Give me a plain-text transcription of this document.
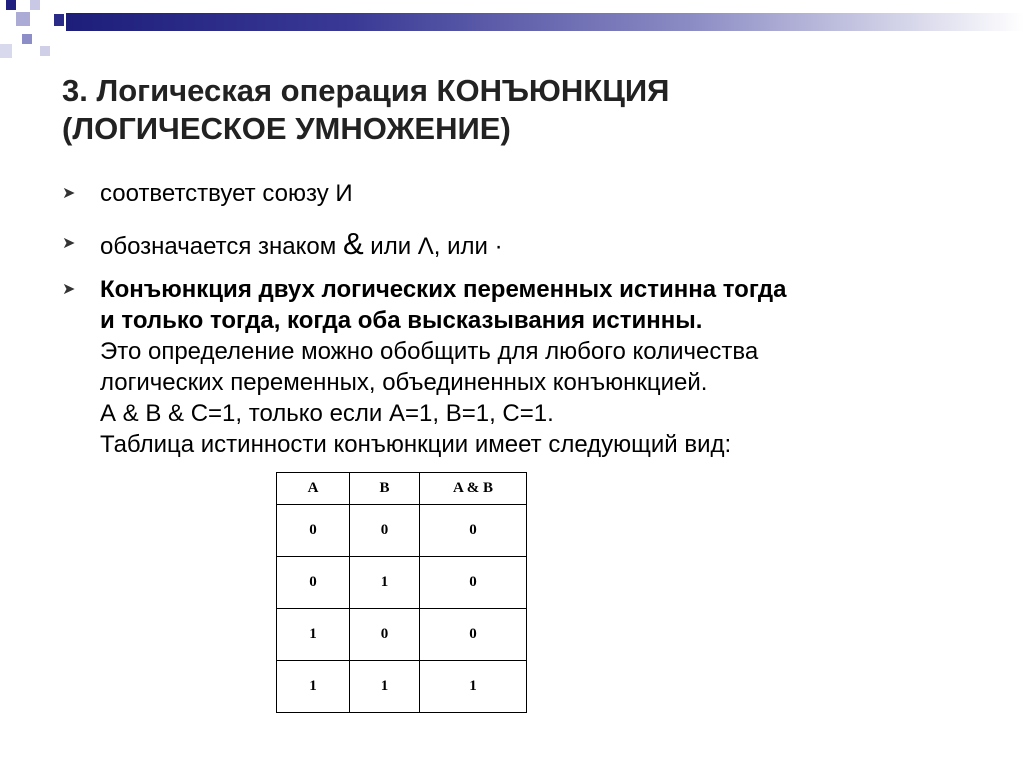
3. Логическая операция КОНЪЮНКЦИЯ
(ЛОГИЧЕСКОЕ УМНОЖЕНИЕ)
➤ соответствует союзу И
➤ обозначается знаком & или Λ, или ·
➤ Конъюнкция двух логических переменных истинна тогда
и только тогда, когда оба высказывания истинны.
Это определение можно обобщить для любого количества
логических переменных, объединенных конъюнкцией.
А & В & С=1, только если А=1, В=1, С=1.
Таблица истинности конъюнкции имеет следующий вид:
A	B	A & B
0	0	0
0	1	0
1	0	0
1	1	1
